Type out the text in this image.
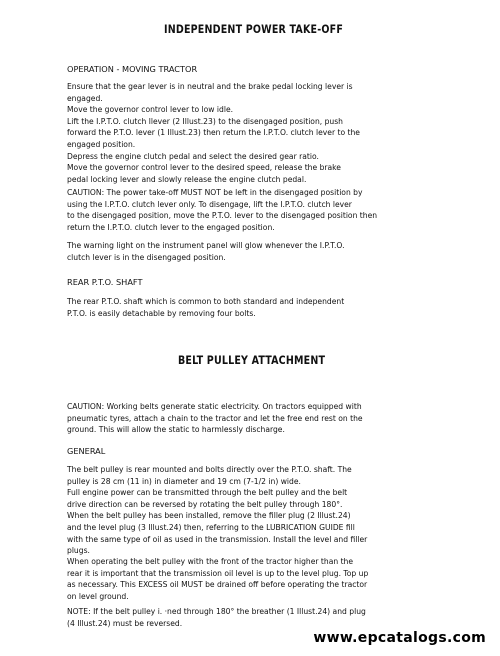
INDEPENDENT POWER TAKE-OFF
OPERATION - MOVING TRACTOR
Ensure that the gear lever is in neutral and the brake pedal locking lever is
engaged.
Move the governor control lever to low idle.
Lift the I.P.T.O. clutch llever (2 Illust.23) to the disengaged position, push
forward the P.T.O. lever (1 Illust.23) then return the I.P.T.O. clutch lever to the
engaged position.
Depress the engine clutch pedal and select the desired gear ratio.
Move the governor control lever to the desired speed, release the brake
pedal locking lever and slowly release the engine clutch pedal.
CAUTION: The power take-off MUST NOT be left in the disengaged position by
using the I.P.T.O. clutch lever only. To disengage, lift the I.P.T.O. clutch lever
to the disengaged position, move the P.T.O. lever to the disengaged position then
return the I.P.T.O. clutch lever to the engaged position.
The warning light on the instrument panel will glow whenever the I.P.T.O.
clutch lever is in the disengaged position.
REAR P.T.O. SHAFT
The rear P.T.O. shaft which is common to both standard and independent
P.T.O. is easily detachable by removing four bolts.
BELT PULLEY ATTACHMENT
CAUTION: Working belts generate static electricity. On tractors equipped with
pneumatic tyres, attach a chain to the tractor and let the free end rest on the
ground. This will allow the static to harmlessly discharge.
GENERAL
The belt pulley is rear mounted and bolts directly over the P.T.O. shaft. The
pulley is 28 cm (11 in) in diameter and 19 cm (7-1/2 in) wide.
Full engine power can be transmitted through the belt pulley and the belt
drive direction can be reversed by rotating the belt pulley through 180°.
When the belt pulley has been installed, remove the filler plug (2 Illust.24)
and the level plug (3 Illust.24) then, referring to the LUBRICATION GUIDE fill
with the same type of oil as used in the transmission. Install the level and filler
plugs.
When operating the belt pulley with the front of the tractor higher than the
rear it is important that the transmission oil level is up to the level plug. Top up
as necessary. This EXCESS oil MUST be drained off before operating the tractor
on level ground.
NOTE: If the belt pulley i. ·ned through 180° the breather (1 Illust.24) and plug
(4 Illust.24) must be reversed.
www.epcatalogs.com
